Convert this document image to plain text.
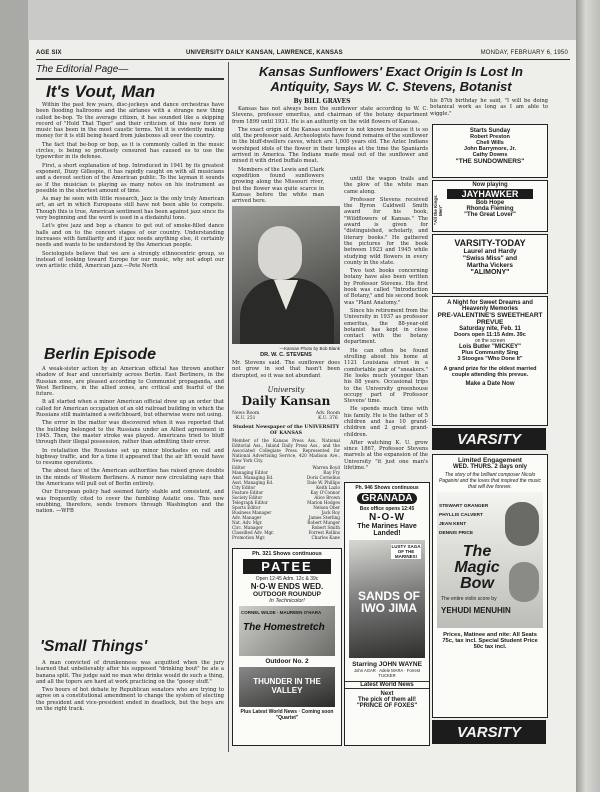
AGE SIX	UNIVERSITY DAILY KANSAN, LAWRENCE, KANSAS	MONDAY, FEBRUARY 6, 1950
The Editorial Page—
It's Vout, Man

Within the past few years, disc-jockeys and dance orchestras have been flooding ballrooms and the airlanes with a strange new thing called be-bop. To the average citizen, it has sounded like a skipping record of "Hold That Tiger" and their criticism of this new form of music has been in the most caustic terms. Yet it is evidently making money for it is still being heard from jukeboxes all over the country.

The fact that be-bop or bop, as it is commonly called in the music circles, is being so profusely censured has caused us to use the typewriter in its defense.

First, a short explanation of bop. Introduced in 1941 by its greatest exponent, Dizzy Gillespie, it has rapidly caught on with all musicians and a devout section of the American public. To the layman it sounds as if the musician is playing as many notes on his instrument as possible in the shortest amount of time.

As may be seen with little research, Jazz is the only truly American art, an art in which Europeans still have not been able to compete. Though this is true, American sentiment has been against jazz since its very beginning and the word is used in a disdainful tone.

Let's give jazz and bop a chance to get out of smoke-filled dance halls and on to the concert stages of our country. Understanding increases with familiarity and if jazz needs anything else, it certainly needs and wants to be understood by the American people.

Sociologists believe that we are a strongly ethnocentric group, so instead of looking toward Europe for our music, why not adopt our own artistic child, American jazz.—Pete North

Berlin Episode

A weak-sister action by an American official has thrown another shadow of fear and uncertainty across Berlin. East Berliners, in the Russian zone, are pleased according to Communist propaganda, and West Berliners, in the allied zones, are critical and fearful of the future.

It all started when a minor American official drew up an order that called for American occupation of an old railroad building in which the Russians still maintained a switchboard, but otherwise were not using.

The error in the matter was discovered when it was reported that the building belonged to the Russians under an Allied agreement in 1945. Then, the master stroke was played. Americans tried to bluff through their illegal possession, rather than admitting their error.

In retaliation the Russians set up minor blockades on rail and highway traffic, and for a time it appeared that the air lift would have to resume operations.

The about face of the American authorities has raised grave doubts in the minds of Western Berliners. A rumor now circulating says that the Americans will pull out of Berlin entirely.

Our European policy had seemed fairly stable and consistent, and was frequently cited to cover the fumbling Asiatic one. This new snubbing, therefore, sends tremors through Washington and the nation. —WFB

'Small Things'

A man convicted of drunkenness was acquitted when the jury learned that unbelievably after his supposed "drinking bout" he ate a banana split. The judge said no man who drinks would do such a thing, and all the topers are hard at work practicing on the "gooey stuff."

Two hours of hot debate by Republican senators who are trying to agree on a constitutional amendment to change the system of electing the president and vice-president ended in deadlock, but the boys are on the right track.

Kansas Sunflowers' Exact Origin Is Lost In Antiquity, Says W. C. Stevens, Botanist
By BILL GRAVES

Kansas has not always been the sunflower state according to W. C. Stevens, professor emeritus, and chairman of the botany department from 1899 until 1931. He is an authority on the wild flowers of Kansas.

The exact origin of the Kansas sunflower is not known because it is so old, the professor said. Archeologists have found remains of the sunflower in the bluff-dwellers caves, which are 1,000 years old. The Aztec Indians worshiped idols of the flower in their temples at the time the Spaniards arrived in America. The Indians made meal out of the sunflower and mixed it with dried buffalo meat.

Members of the Lewis and Clark expedition found sunflowers growing along the Missouri river, but the flower was quite scarce in Kansas before the white man arrived here.

—Kansan Photo by Bob Blank
DR. W. C. STEVENS
Mr. Stevens said. The sunflower does not grow in sod that hasn't been disrupted, so it was not abundant

until the wagon trails and the plow of the white man came along.

Professor Stevens received the Byron Caldwell Smith award for his book, "Wildflowers of Kansas." The award is given for "distinguished, scholarly, and literary books." He gathered the pictures for the book between 1923 and 1945 while studying wild flowers in every county in the state.

Two text books concerning botany have also been written by Professor Stevens. His first book was called "Introduction of Botany," and his second book was "Plant Anatomy."

Since his retirement from the University in 1937 as professor emeritus, the 88-year-old botanist has kept in close contact with the botany department.

He can often be found strolling about his home at 1121 Louisiana street in a comfortable pair of "sneakers." He looks much younger than his 88 years. Occasional trips to the University greenhouse occupy part of Professor Stevens' time.

He spends much time with his family. He is the father of 5 children and has 10 grand-children and 2 great grand-children.

After watching K. U. grow since 1867, Professor Stevens marvels at the expansion of the University "it just one man's lifetime."

his 87th birthday he said, "I will be doing botanical work as long as I am able to wiggle."
University
Daily Kansan
News Room
K.U. 251
Adv. Room
K.U. 376
Student Newspaper of the UNIVERSITY OF KANSAS
Member of the Kansas Press Ass., National Editorial Ass., Inland Daily Press Ass., and the Associated Collegiate Press. Represented for National Advertising Service, 420 Madison Ave., New York City.
Editor	Warren Boyd
Managing Editor	Ray Fry
Asst. Managing Ed.	Doris Cornelius
Asst. Managing Ed.	Dale W. Phillips
City Editor	Keith Lazlo
Feature Editor	Kay O'Connor
Society Editor	Alice Brown
Telegraph Editor	Marion Hodges
Sports Editor	Nelson Ober
Business Manager	Jack Roy
Adv. Manager	James Sterling
Nat. Adv. Mgr.	Robert Munger
Circ. Manager	Robert Smith
Classified Adv. Mgr.	Forrest Rollins
Promotion Mgr.	Charles Kane
Ph. 321 Shows continuous
PATEE
Open 12:45 Adm. 12c & 39c
N·O·W ENDS WED.
OUTDOOR ROUNDUP
In Technicolor!
The Homestretch
CORNEL WILDE · MAUREEN O'HARA
Outdoor No. 2
THUNDER IN THE VALLEY
Plus Latest World News · Coming soon "Quartet"
Ph. 946 Shows continuous
GRANADA
Box office opens 12:45
N-O-W
The Marines Have Landed!
LUSTY SAGA OF THE MARINES!
SANDS OF IWO JIMA
Starring JOHN WAYNE
John AGAR · Adele MARA · Forrest TUCKER
Latest World News
Next
The pick of them all! "PRINCE OF FOXES"
Starts Sunday
Robert Preston
Cheli Wills
John Barrymore, Jr.
Cathy Downs
"THE SUNDOWNERS"
Now playing
JAYHAWKER
"All the Kings Men"
Bob Hope
Rhonda Fleming
"The Great Lover"
VARSITY-TODAY
Laurel and Hardy
"Swiss Miss" and
Martha Vickers
"ALIMONY"
A Night for Sweet Dreams and Heavenly Memories
PRE-VALENTINE'S SWEETHEART PREVUE
Saturday nite, Feb. 11
Doors open 11:15 Adm. 39c
on the screen
Lois Butler "MICKEY"
Plus Community Sing
3 Stooges "Who Done It"
A grand prize for the oldest married couple attending this prevue.
Make a Date Now
VARSITY
Limited Engagement
WED. THURS. 2 days only
The story of the brilliant composer Nicolo Paganini and the loves that inspired the music that will live forever.
STEWART GRANGER
PHYLLIS CALVERT
JEAN KENT
DENNIS PRICE
The Magic Bow
The entire violin score by
YEHUDI MENUHIN
Prices, Matinee and nite: All Seats 75c, tax incl. Special Student Price 50c tax incl.
VARSITY
